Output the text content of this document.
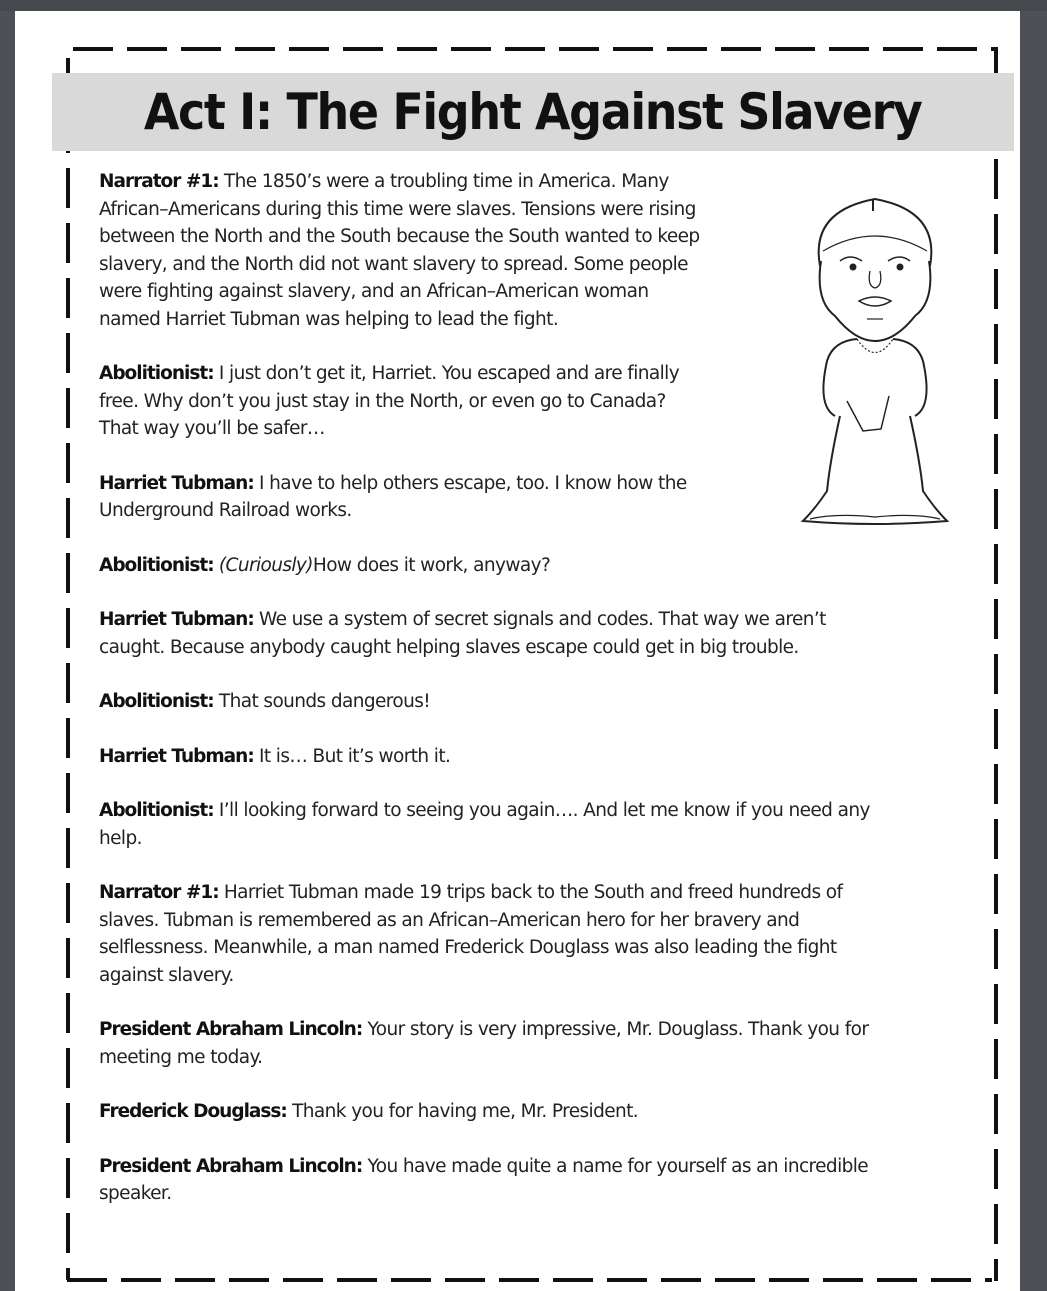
Act I: The Fight Against Slavery
Narrator #1: The 1850’s were a troubling time in America. Many
African–Americans during this time were slaves. Tensions were rising
between the North and the South because the South wanted to keep
slavery, and the North did not want slavery to spread. Some people
were fighting against slavery, and an African–American woman
named Harriet Tubman was helping to lead the fight.
Abolitionist: I just don’t get it, Harriet. You escaped and are finally
free. Why don’t you just stay in the North, or even go to Canada?
That way you’ll be safer…
Harriet Tubman: I have to help others escape, too. I know how the
Underground Railroad works.
Abolitionist: (Curiously)How does it work, anyway?
Harriet Tubman: We use a system of secret signals and codes. That way we aren’t
caught. Because anybody caught helping slaves escape could get in big trouble.
Abolitionist: That sounds dangerous!
Harriet Tubman: It is… But it’s worth it.
Abolitionist: I’ll looking forward to seeing you again…. And let me know if you need any
help.
Narrator #1: Harriet Tubman made 19 trips back to the South and freed hundreds of
slaves. Tubman is remembered as an African–American hero for her bravery and
selflessness. Meanwhile, a man named Frederick Douglass was also leading the fight
against slavery.
President Abraham Lincoln: Your story is very impressive, Mr. Douglass. Thank you for
meeting me today.
Frederick Douglass: Thank you for having me, Mr. President.
President Abraham Lincoln: You have made quite a name for yourself as an incredible
speaker.
